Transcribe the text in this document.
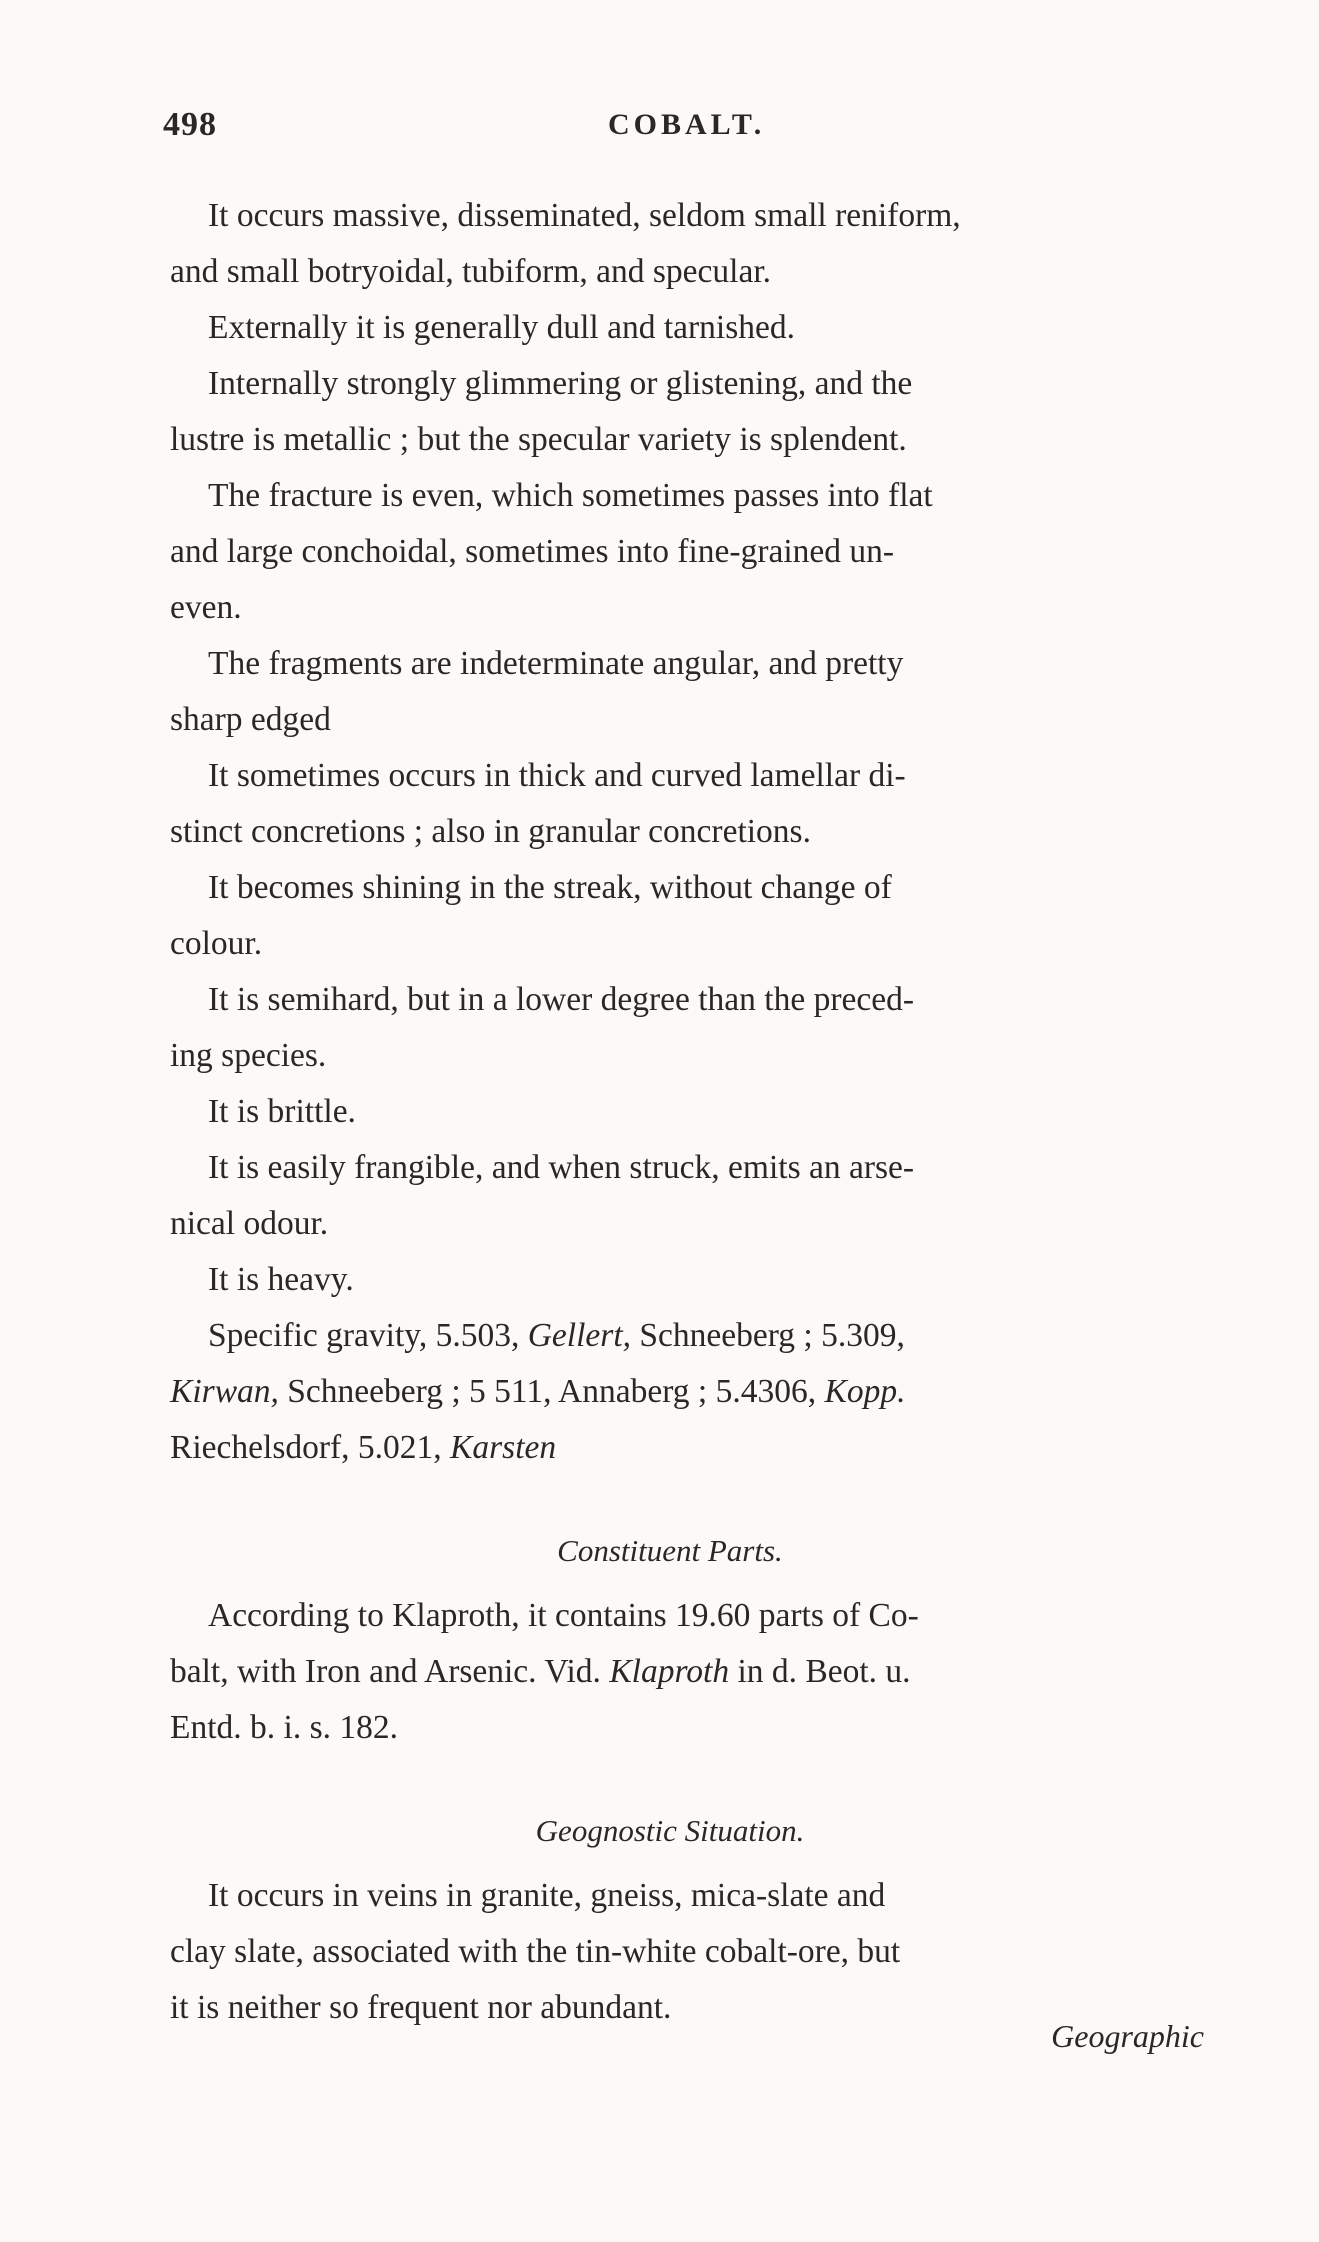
498	COBALT.
It occurs massive, disseminated, seldom small reniform,
and small botryoidal, tubiform, and specular.
Externally it is generally dull and tarnished.
Internally strongly glimmering or glistening, and the
lustre is metallic ; but the specular variety is splendent.
The fracture is even, which sometimes passes into flat
and large conchoidal, sometimes into fine-grained un-
even.
The fragments are indeterminate angular, and pretty
sharp edged
It sometimes occurs in thick and curved lamellar di-
stinct concretions ; also in granular concretions.
It becomes shining in the streak, without change of
colour.
It is semihard, but in a lower degree than the preced-
ing species.
It is brittle.
It is easily frangible, and when struck, emits an arse-
nical odour.
It is heavy.
Specific gravity, 5.503, Gellert, Schneeberg ; 5.309,
Kirwan, Schneeberg ; 5 511, Annaberg ; 5.4306, Kopp.
Riechelsdorf, 5.021, Karsten
Constituent Parts.
According to Klaproth, it contains 19.60 parts of Co-
balt, with Iron and Arsenic. Vid. Klaproth in d. Beot. u.
Entd. b. i. s. 182.
Geognostic Situation.
It occurs in veins in granite, gneiss, mica-slate and
clay slate, associated with the tin-white cobalt-ore, but
it is neither so frequent nor abundant.
Geographic
